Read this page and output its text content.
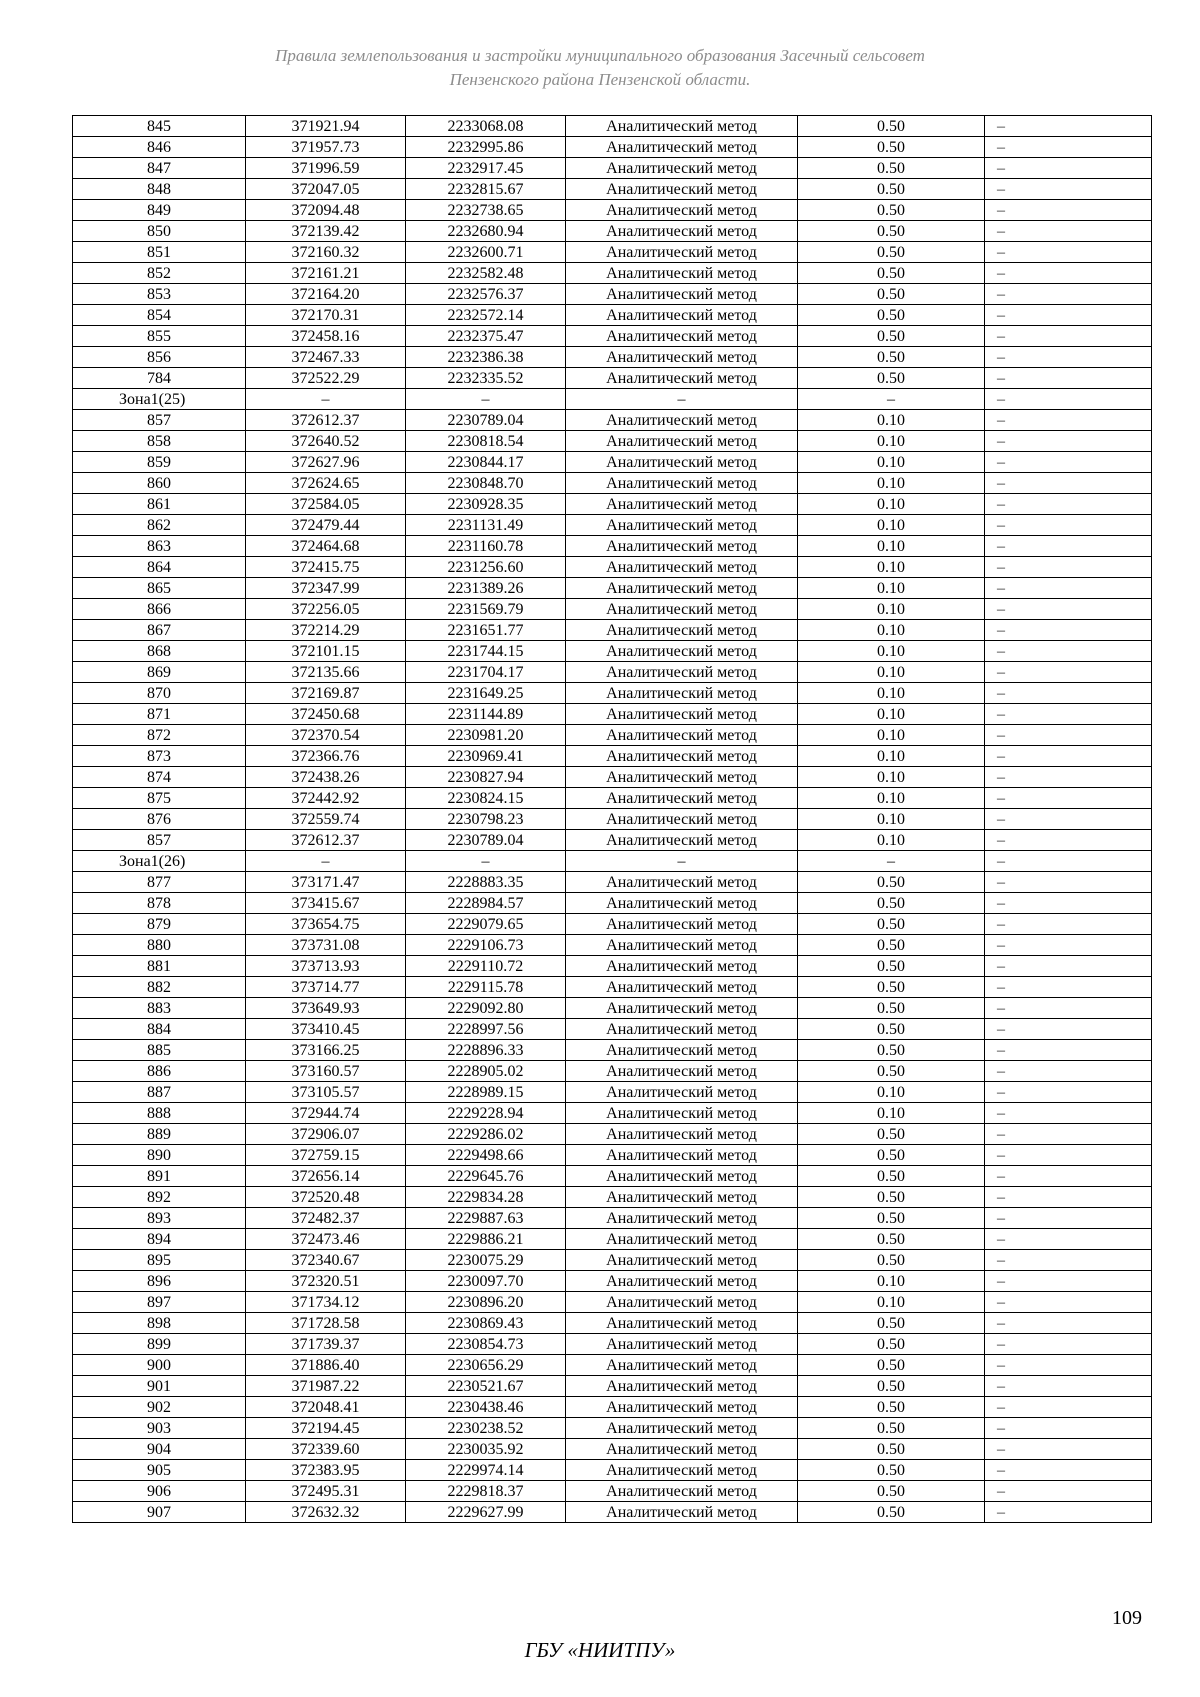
Правила землепользования и застройки муниципального образования Засечный сельсовет
Пензенского района Пензенской области.
845	371921.94	2233068.08	Аналитический метод	0.50	–
846	371957.73	2232995.86	Аналитический метод	0.50	–
847	371996.59	2232917.45	Аналитический метод	0.50	–
848	372047.05	2232815.67	Аналитический метод	0.50	–
849	372094.48	2232738.65	Аналитический метод	0.50	–
850	372139.42	2232680.94	Аналитический метод	0.50	–
851	372160.32	2232600.71	Аналитический метод	0.50	–
852	372161.21	2232582.48	Аналитический метод	0.50	–
853	372164.20	2232576.37	Аналитический метод	0.50	–
854	372170.31	2232572.14	Аналитический метод	0.50	–
855	372458.16	2232375.47	Аналитический метод	0.50	–
856	372467.33	2232386.38	Аналитический метод	0.50	–
784	372522.29	2232335.52	Аналитический метод	0.50	–
Зона1(25)	–	–	–	–	–
857	372612.37	2230789.04	Аналитический метод	0.10	–
858	372640.52	2230818.54	Аналитический метод	0.10	–
859	372627.96	2230844.17	Аналитический метод	0.10	–
860	372624.65	2230848.70	Аналитический метод	0.10	–
861	372584.05	2230928.35	Аналитический метод	0.10	–
862	372479.44	2231131.49	Аналитический метод	0.10	–
863	372464.68	2231160.78	Аналитический метод	0.10	–
864	372415.75	2231256.60	Аналитический метод	0.10	–
865	372347.99	2231389.26	Аналитический метод	0.10	–
866	372256.05	2231569.79	Аналитический метод	0.10	–
867	372214.29	2231651.77	Аналитический метод	0.10	–
868	372101.15	2231744.15	Аналитический метод	0.10	–
869	372135.66	2231704.17	Аналитический метод	0.10	–
870	372169.87	2231649.25	Аналитический метод	0.10	–
871	372450.68	2231144.89	Аналитический метод	0.10	–
872	372370.54	2230981.20	Аналитический метод	0.10	–
873	372366.76	2230969.41	Аналитический метод	0.10	–
874	372438.26	2230827.94	Аналитический метод	0.10	–
875	372442.92	2230824.15	Аналитический метод	0.10	–
876	372559.74	2230798.23	Аналитический метод	0.10	–
857	372612.37	2230789.04	Аналитический метод	0.10	–
Зона1(26)	–	–	–	–	–
877	373171.47	2228883.35	Аналитический метод	0.50	–
878	373415.67	2228984.57	Аналитический метод	0.50	–
879	373654.75	2229079.65	Аналитический метод	0.50	–
880	373731.08	2229106.73	Аналитический метод	0.50	–
881	373713.93	2229110.72	Аналитический метод	0.50	–
882	373714.77	2229115.78	Аналитический метод	0.50	–
883	373649.93	2229092.80	Аналитический метод	0.50	–
884	373410.45	2228997.56	Аналитический метод	0.50	–
885	373166.25	2228896.33	Аналитический метод	0.50	–
886	373160.57	2228905.02	Аналитический метод	0.50	–
887	373105.57	2228989.15	Аналитический метод	0.10	–
888	372944.74	2229228.94	Аналитический метод	0.10	–
889	372906.07	2229286.02	Аналитический метод	0.50	–
890	372759.15	2229498.66	Аналитический метод	0.50	–
891	372656.14	2229645.76	Аналитический метод	0.50	–
892	372520.48	2229834.28	Аналитический метод	0.50	–
893	372482.37	2229887.63	Аналитический метод	0.50	–
894	372473.46	2229886.21	Аналитический метод	0.50	–
895	372340.67	2230075.29	Аналитический метод	0.50	–
896	372320.51	2230097.70	Аналитический метод	0.10	–
897	371734.12	2230896.20	Аналитический метод	0.10	–
898	371728.58	2230869.43	Аналитический метод	0.50	–
899	371739.37	2230854.73	Аналитический метод	0.50	–
900	371886.40	2230656.29	Аналитический метод	0.50	–
901	371987.22	2230521.67	Аналитический метод	0.50	–
902	372048.41	2230438.46	Аналитический метод	0.50	–
903	372194.45	2230238.52	Аналитический метод	0.50	–
904	372339.60	2230035.92	Аналитический метод	0.50	–
905	372383.95	2229974.14	Аналитический метод	0.50	–
906	372495.31	2229818.37	Аналитический метод	0.50	–
907	372632.32	2229627.99	Аналитический метод	0.50	–
109
ГБУ «НИИТПУ»
